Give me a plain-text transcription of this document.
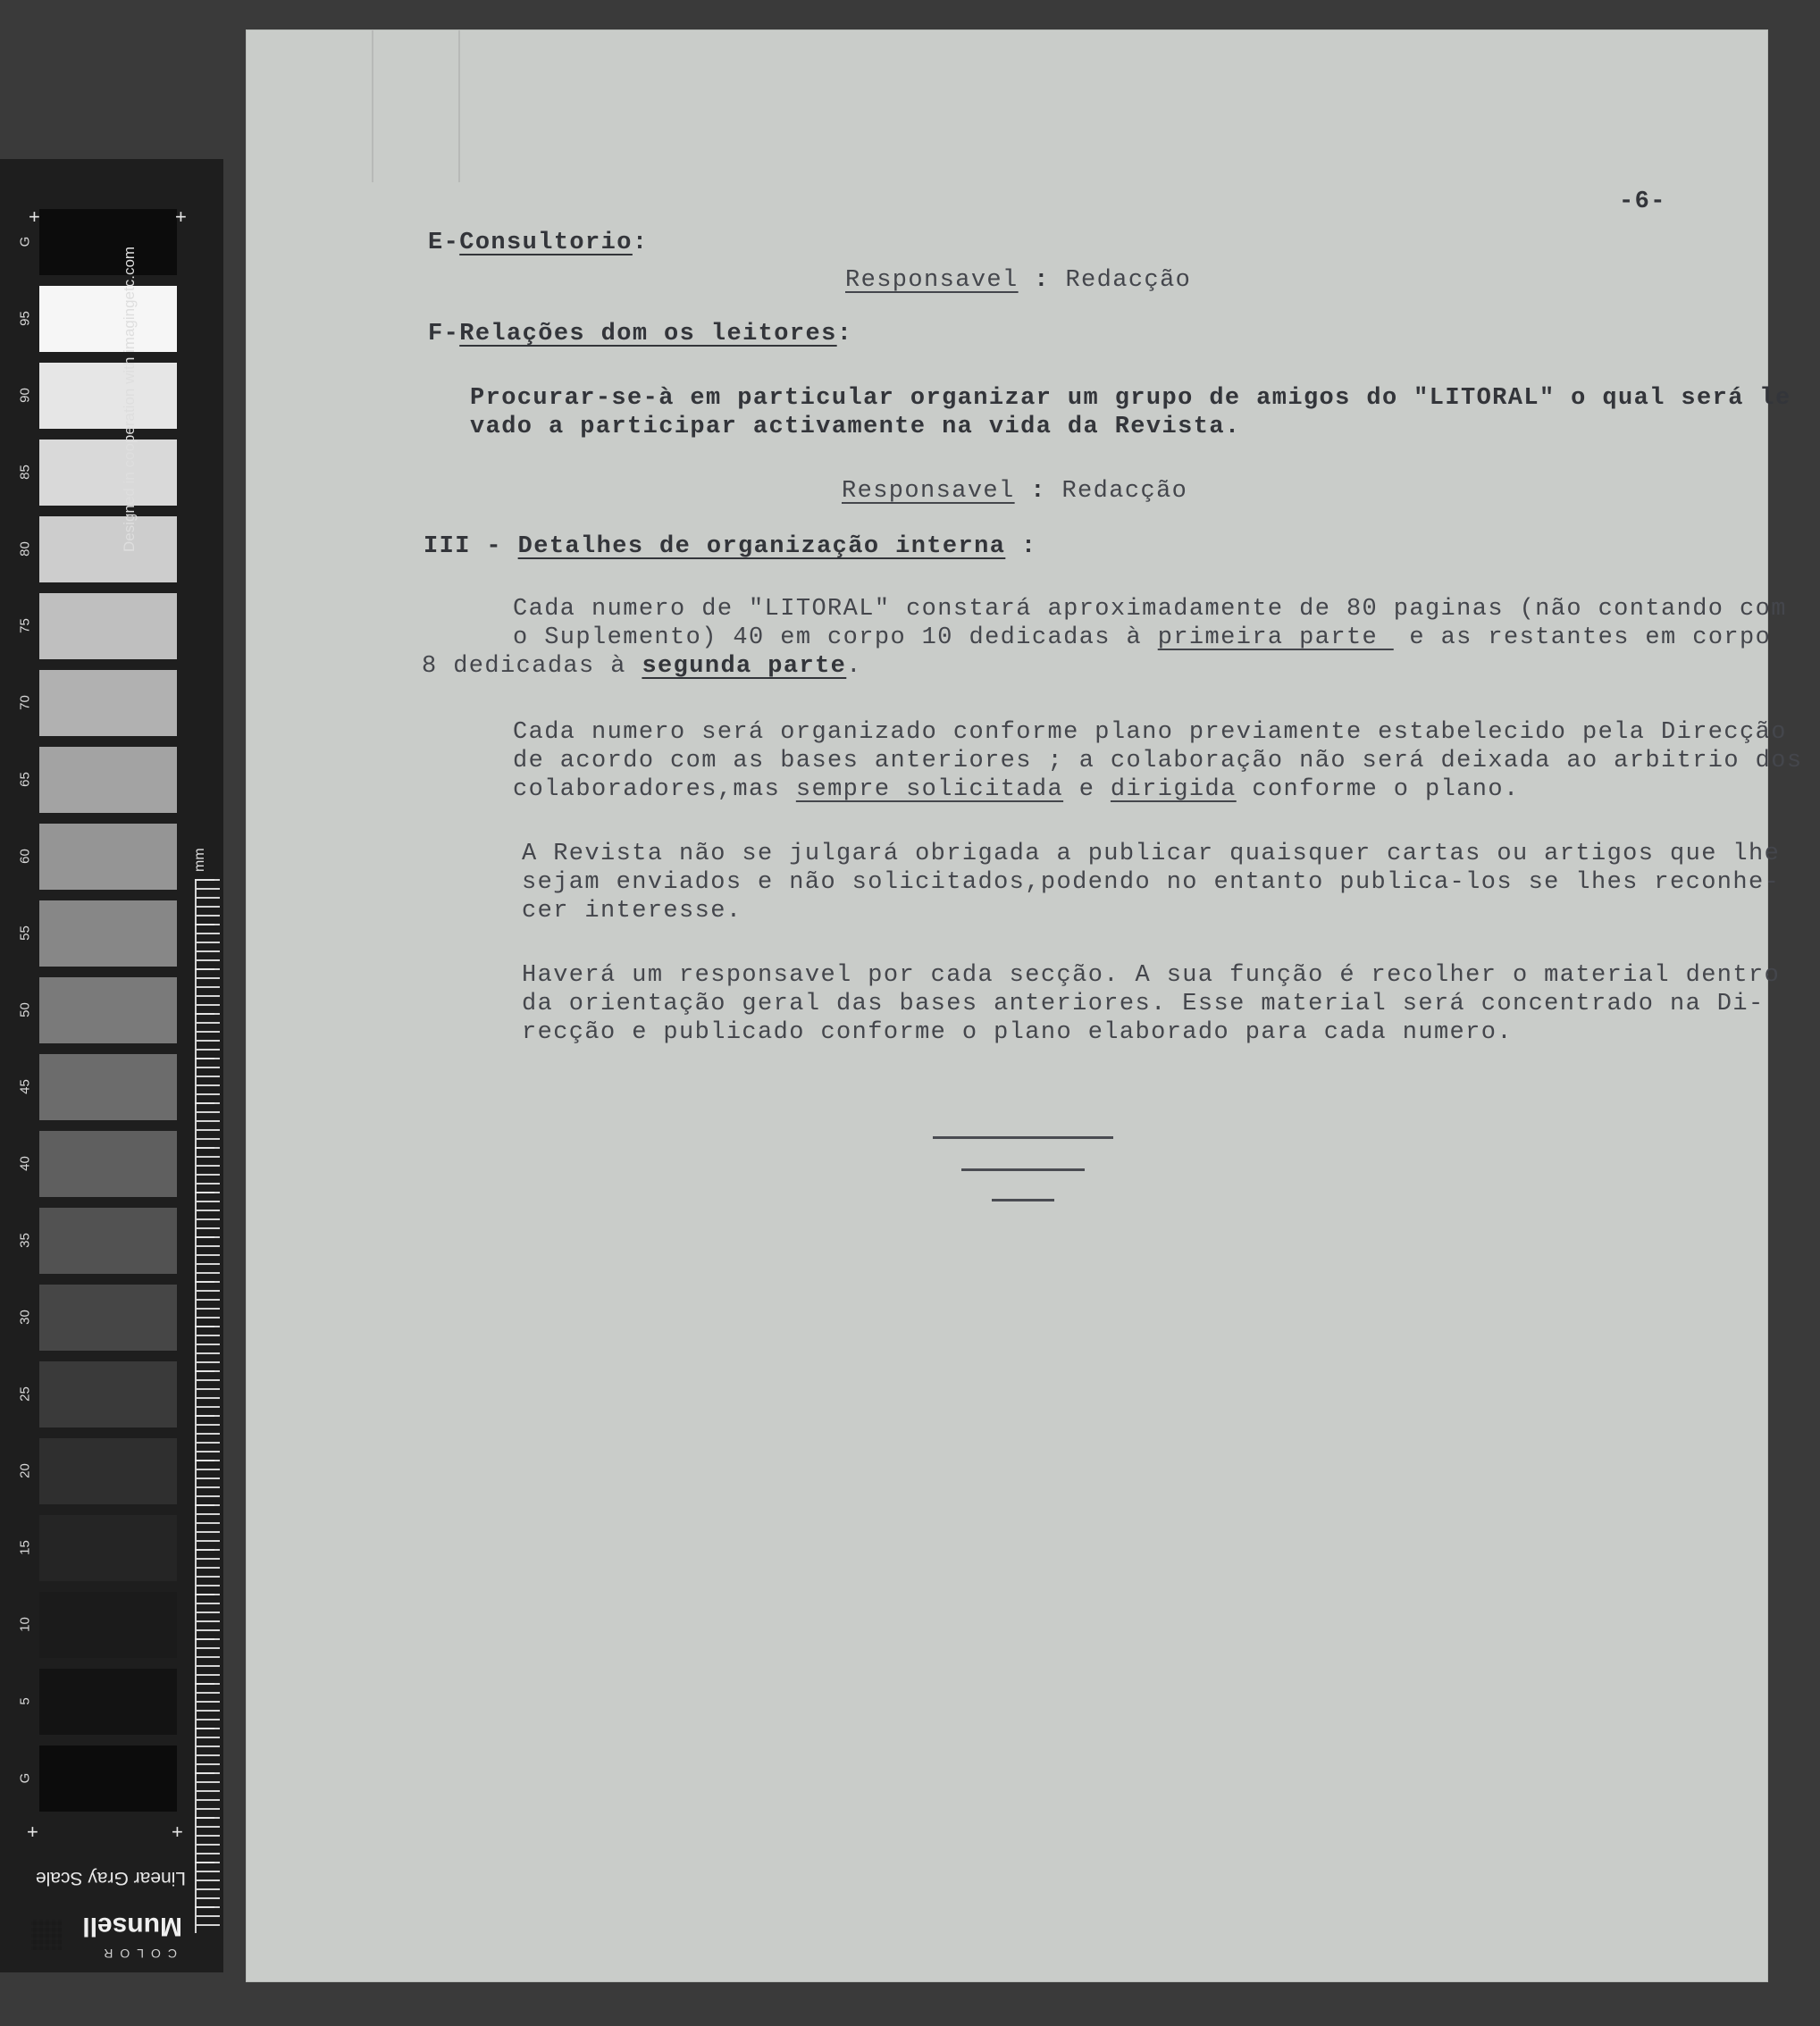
G
95
90
85
80
75
70
65
60
55
50
45
40
35
30
25
20
15
10
5
G
Designed in cooperation with imagingetc.com
mm
+	+
+	+
Linear Gray Scale
COLOR
Munsell
-6-
E-Consultorio:
Responsavel : Redacção
F-Relações dom os leitores:
Procurar-se-à em particular organizar um grupo de amigos do "LITORAL" o qual será le
vado a participar activamente na vida da Revista.
Responsavel : Redacção
III - Detalhes de organização interna :
Cada numero de "LITORAL" constará aproximadamente de 80 paginas (não contando com
o Suplemento) 40 em corpo 10 dedicadas à primeira parte  e as restantes em corpo
8 dedicadas à segunda parte.
Cada numero será organizado conforme plano previamente estabelecido pela Direcção
de acordo com as bases anteriores ; a colaboração não será deixada ao arbitrio dos
colaboradores,mas sempre solicitada e dirigida conforme o plano.
A Revista não se julgará obrigada a publicar quaisquer cartas ou artigos que lhe
sejam enviados e não solicitados,podendo no entanto publica-los se lhes reconhe-
cer interesse.
Haverá um responsavel por cada secção. A sua função é recolher o material dentro
da orientação geral das bases anteriores. Esse material será concentrado na Di-
recção e publicado conforme o plano elaborado para cada numero.
